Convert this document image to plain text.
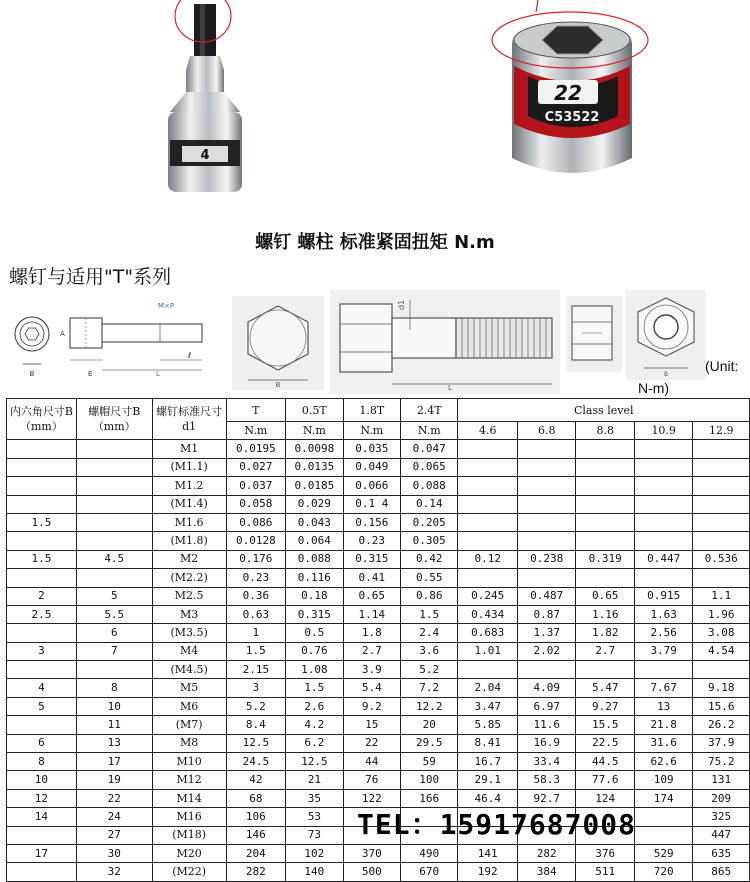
4
22
C53522
螺钉 螺柱 标准紧固扭矩 N.m
螺钉与适用"T"系列
B
M×P
A
E
ℓ
L
B
d1
L
B
(Unit:
N-m)
内六角尺寸B（mm）	螺帽尺寸B（mm）	螺钉标准尺寸d1	T	0.5T	1.8T	2.4T	Class level				
			N.m	N.m	N.m	N.m	4.6	6.8	8.8	10.9	12.9
		M1	0.0195	0.0098	0.035	0.047					
		(M1.1)	0.027	0.0135	0.049	0.065					
		M1.2	0.037	0.0185	0.066	0.088					
		(M1.4)	0.058	0.029	0.1 4	0.14					
1.5		M1.6	0.086	0.043	0.156	0.205					
		(M1.8)	0.0128	0.064	0.23	0.305					
1.5	4.5	M2	0.176	0.088	0.315	0.42	0.12	0.238	0.319	0.447	0.536
		(M2.2)	0.23	0.116	0.41	0.55					
2	5	M2.5	0.36	0.18	0.65	0.86	0.245	0.487	0.65	0.915	1.1
2.5	5.5	M3	0.63	0.315	1.14	1.5	0.434	0.87	1.16	1.63	1.96
	6	(M3.5)	1	0.5	1.8	2.4	0.683	1.37	1.82	2.56	3.08
3	7	M4	1.5	0.76	2.7	3.6	1.01	2.02	2.7	3.79	4.54
		(M4.5)	2.15	1.08	3.9	5.2					
4	8	M5	3	1.5	5.4	7.2	2.04	4.09	5.47	7.67	9.18
5	10	M6	5.2	2.6	9.2	12.2	3.47	6.97	9.27	13	15.6
	11	(M7)	8.4	4.2	15	20	5.85	11.6	15.5	21.8	26.2
6	13	M8	12.5	6.2	22	29.5	8.41	16.9	22.5	31.6	37.9
8	17	M10	24.5	12.5	44	59	16.7	33.4	44.5	62.6	75.2
10	19	M12	42	21	76	100	29.1	58.3	77.6	109	131
12	22	M14	68	35	122	166	46.4	92.7	124	174	209
14	24	M16	106	53							325
	27	(M18)	146	73							447
17	30	M20	204	102	370	490	141	282	376	529	635
	32	(M22)	282	140	500	670	192	384	511	720	865
TEL：15917687008
